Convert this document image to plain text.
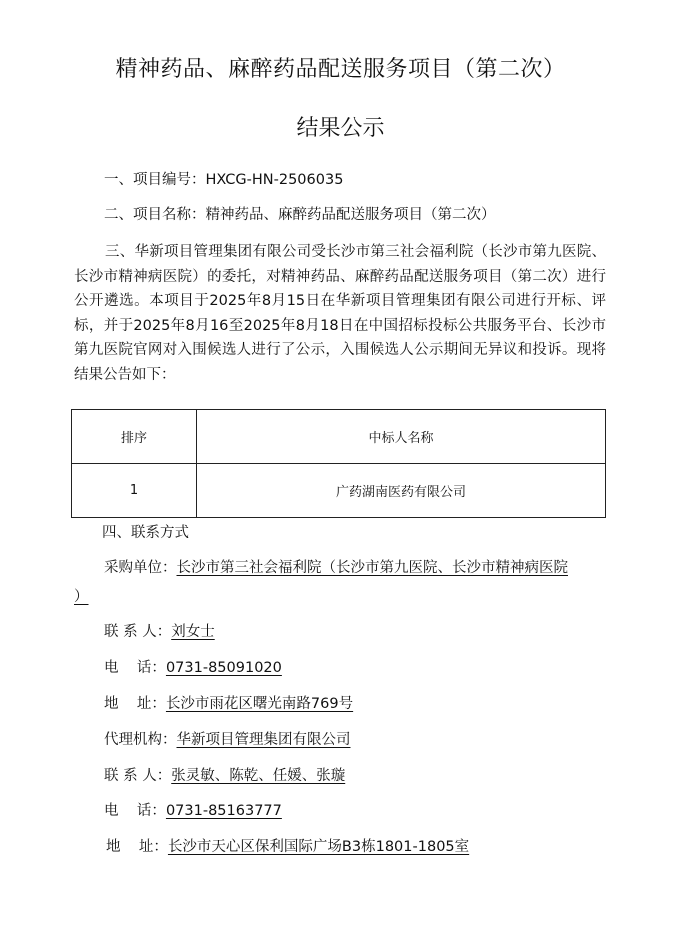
精神药品、麻醉药品配送服务项目（第二次）
结果公示
一、项目编号：HXCG-HN-2506035
二、项目名称：精神药品、麻醉药品配送服务项目（第二次）
三、华新项目管理集团有限公司受长沙市第三社会福利院（长沙市第九医院、长沙市精神病医院）的委托，对精神药品、麻醉药品配送服务项目（第二次）进行公开遴选。本项目于2025年8月15日在华新项目管理集团有限公司进行开标、评标，并于2025年8月16至2025年8月18日在中国招标投标公共服务平台、长沙市第九医院官网对入围候选人进行了公示，入围候选人公示期间无异议和投诉。现将结果公告如下：
排序	中标人名称
1	广药湖南医药有限公司
四、联系方式
采购单位：长沙市第三社会福利院（长沙市第九医院、长沙市精神病医院
）
联 系 人：刘女士
电    话：0731-85091020
地    址：长沙市雨花区曙光南路769号
代理机构：华新项目管理集团有限公司
联 系 人：张灵敏、陈乾、任媛、张璇
电    话：0731-85163777
地    址：长沙市天心区保利国际广场B3栋1801-1805室
